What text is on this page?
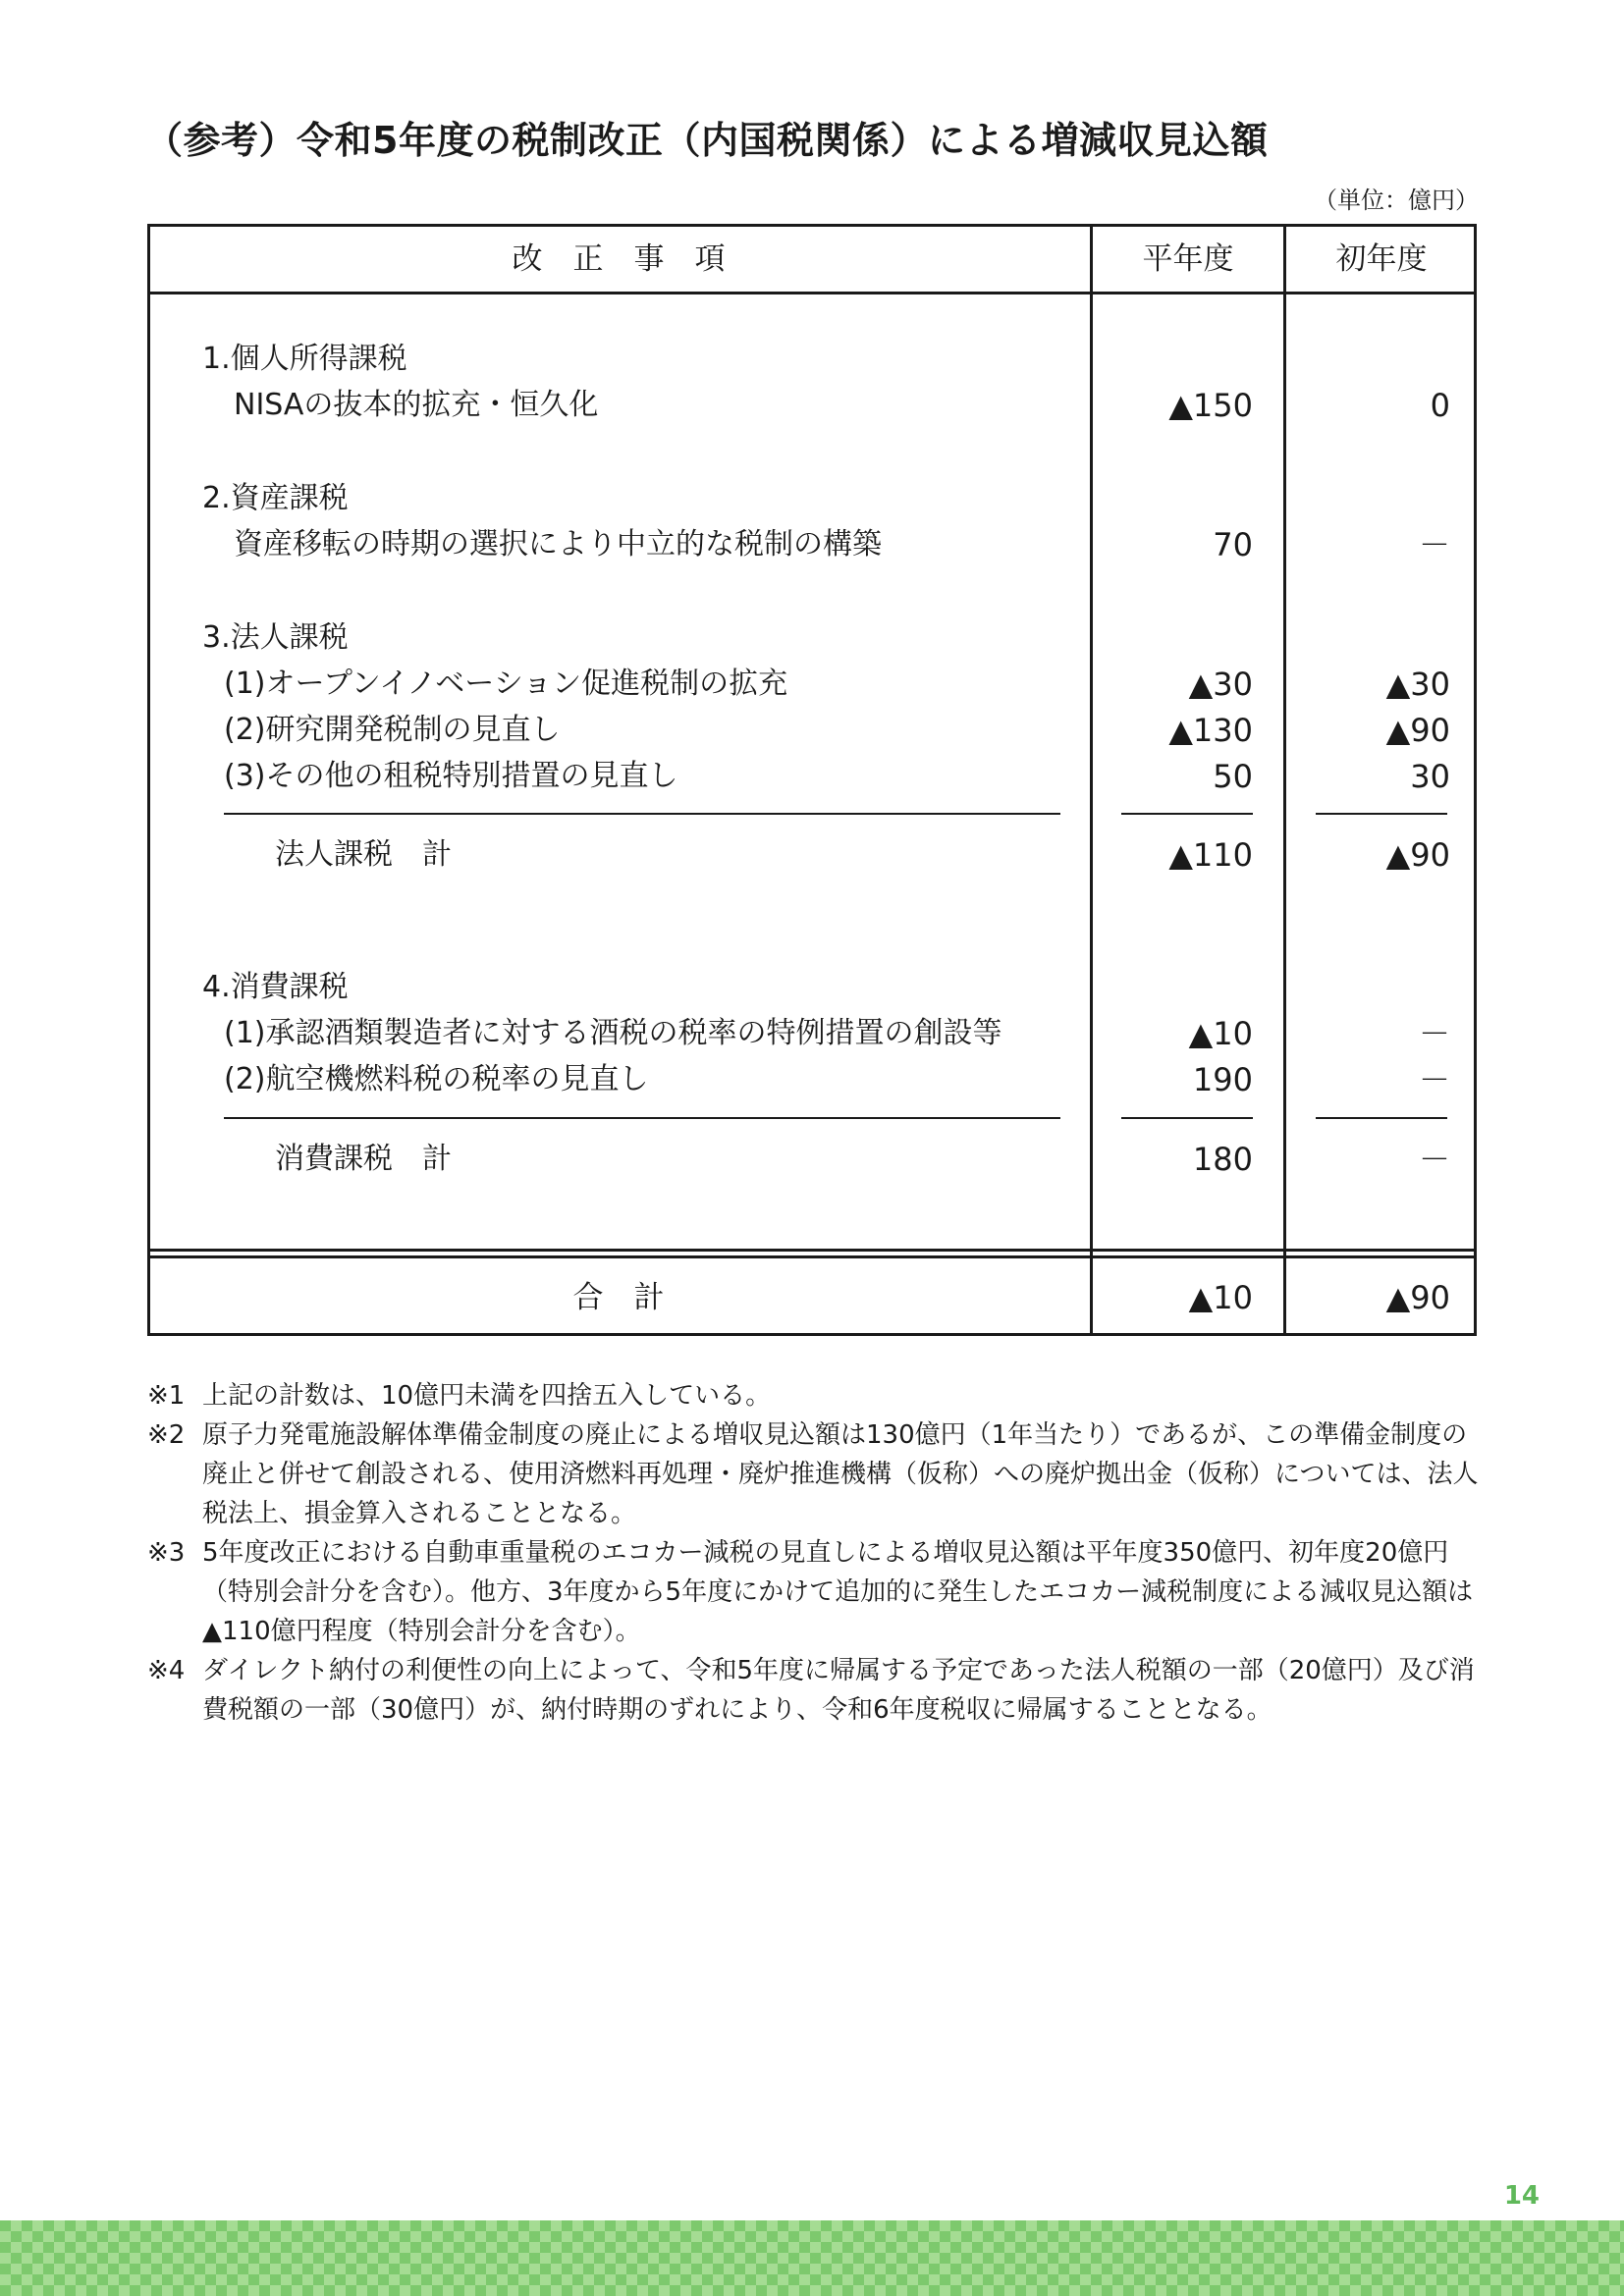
（参考）令和5年度の税制改正（内国税関係）による増減収見込額
（単位：億円）
改　正　事　項	平年度	初年度
1.個人所得課税
NISAの抜本的拡充・恒久化	▲150	0
2.資産課税
資産移転の時期の選択により中立的な税制の構築	70	－
3.法人課税
(1)オープンイノベーション促進税制の拡充	▲30	▲30
(2)研究開発税制の見直し	▲130	▲90
(3)その他の租税特別措置の見直し	50	30
法人課税　計	▲110	▲90
4.消費課税
(1)承認酒類製造者に対する酒税の税率の特例措置の創設等	▲10	－
(2)航空機燃料税の税率の見直し	190	－
消費課税　計	180	－
合　計	▲10	▲90
※1 上記の計数は、10億円未満を四捨五入している。
※2 原子力発電施設解体準備金制度の廃止による増収見込額は130億円（1年当たり）であるが、この準備金制度の廃止と併せて創設される、使用済燃料再処理・廃炉推進機構（仮称）への廃炉拠出金（仮称）については、法人税法上、損金算入されることとなる。
※3 5年度改正における自動車重量税のエコカー減税の見直しによる増収見込額は平年度350億円、初年度20億円（特別会計分を含む）。他方、3年度から5年度にかけて追加的に発生したエコカー減税制度による減収見込額は▲110億円程度（特別会計分を含む）。
※4 ダイレクト納付の利便性の向上によって、令和5年度に帰属する予定であった法人税額の一部（20億円）及び消費税額の一部（30億円）が、納付時期のずれにより、令和6年度税収に帰属することとなる。
14
